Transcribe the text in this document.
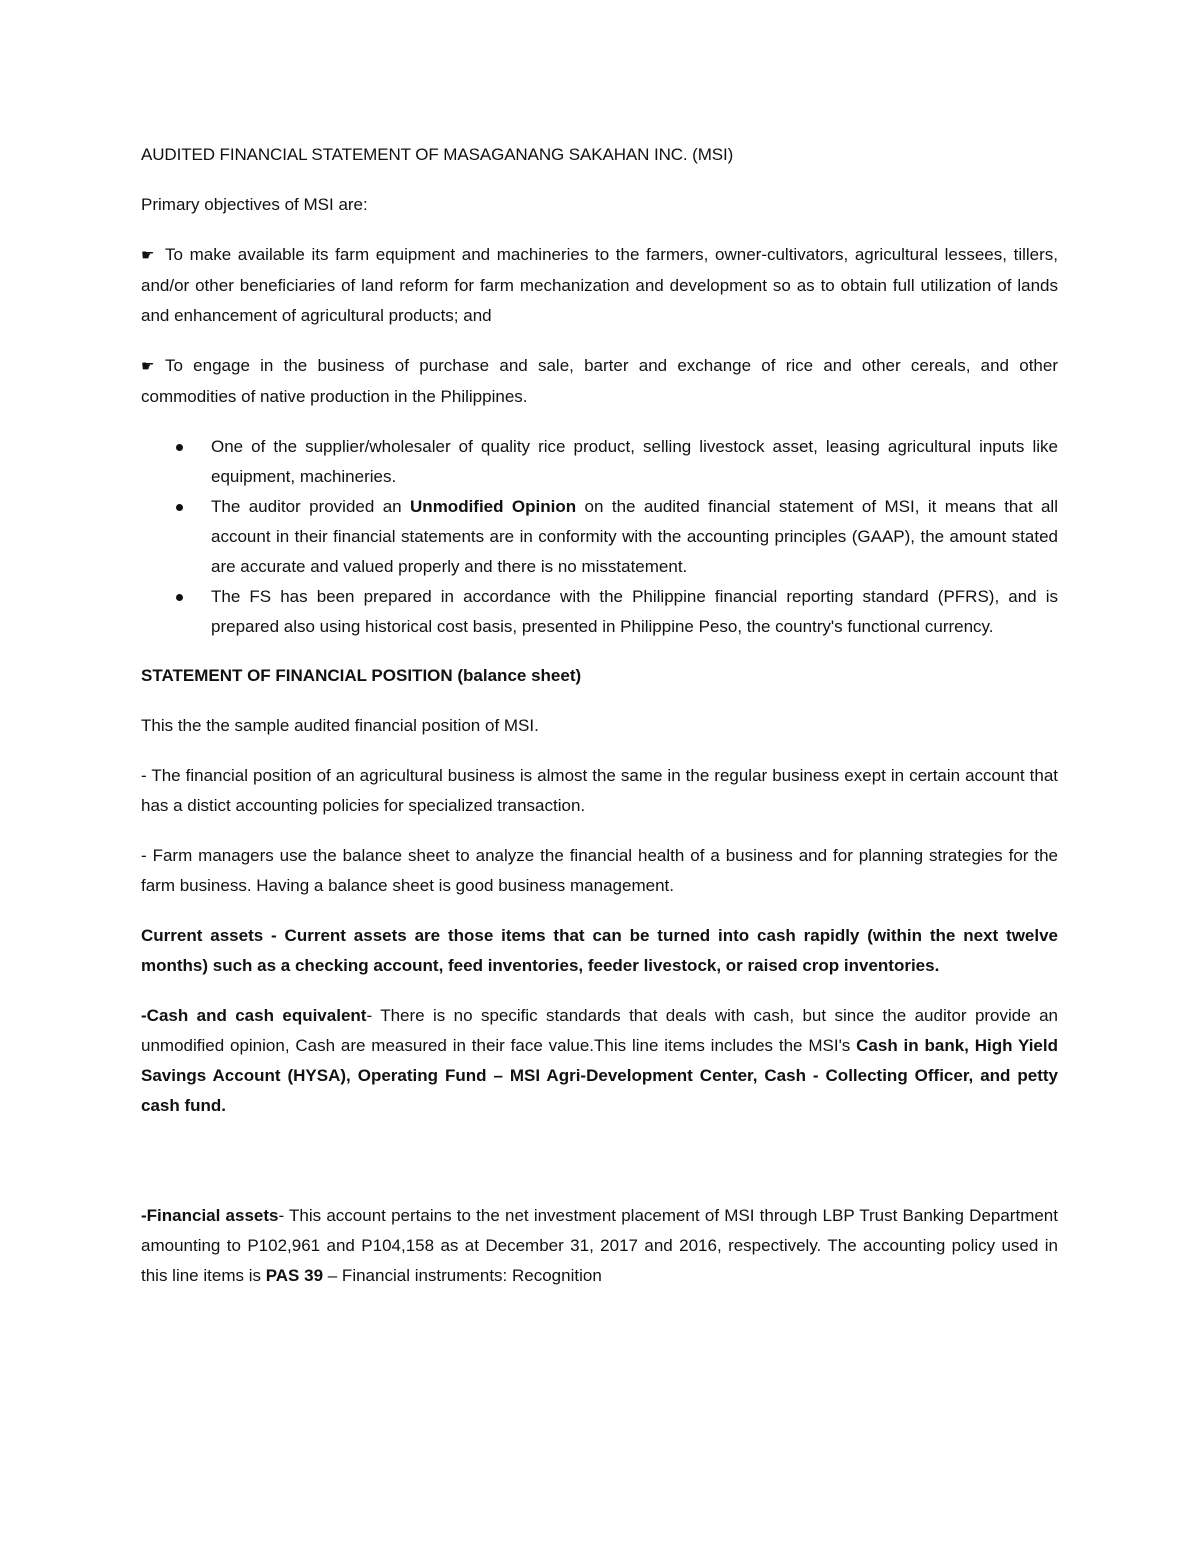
AUDITED FINANCIAL STATEMENT OF MASAGANANG SAKAHAN INC. (MSI)

Primary objectives of MSI are:

☛ To make available its farm equipment and machineries to the farmers, owner-cultivators, agricultural lessees, tillers, and/or other beneficiaries of land reform for farm mechanization and development so as to obtain full utilization of lands and enhancement of agricultural products; and

☛ To engage in the business of purchase and sale, barter and exchange of rice and other cereals, and other commodities of native production in the Philippines.

One of the supplier/wholesaler of quality rice product, selling livestock asset, leasing agricultural inputs like equipment, machineries.
The auditor provided an Unmodified Opinion on the audited financial statement of MSI, it means that all account in their financial statements are in conformity with the accounting principles (GAAP), the amount stated are accurate and valued properly and there is no misstatement.
The FS has been prepared in accordance with the Philippine financial reporting standard (PFRS), and is prepared also using historical cost basis, presented in Philippine Peso, the country's functional currency.

STATEMENT OF FINANCIAL POSITION (balance sheet)

This the the sample audited financial position of MSI.

- The financial position of an agricultural business is almost the same in the regular business exept in certain account that has a distict accounting policies for specialized transaction.

- Farm managers use the balance sheet to analyze the financial health of a business and for planning strategies for the farm business. Having a balance sheet is good business management.

Current assets - Current assets are those items that can be turned into cash rapidly (within the next twelve months) such as a checking account, feed inventories, feeder livestock, or raised crop inventories.

-Cash and cash equivalent- There is no specific standards that deals with cash, but since the auditor provide an unmodified opinion, Cash are measured in their face value.This line items includes the MSI's Cash in bank, High Yield Savings Account (HYSA), Operating Fund – MSI Agri-Development Center, Cash - Collecting Officer, and petty cash fund.

-Financial assets- This account pertains to the net investment placement of MSI through LBP Trust Banking Department amounting to P102,961 and P104,158 as at December 31, 2017 and 2016, respectively. The accounting policy used in this line items is PAS 39 – Financial instruments: Recognition
